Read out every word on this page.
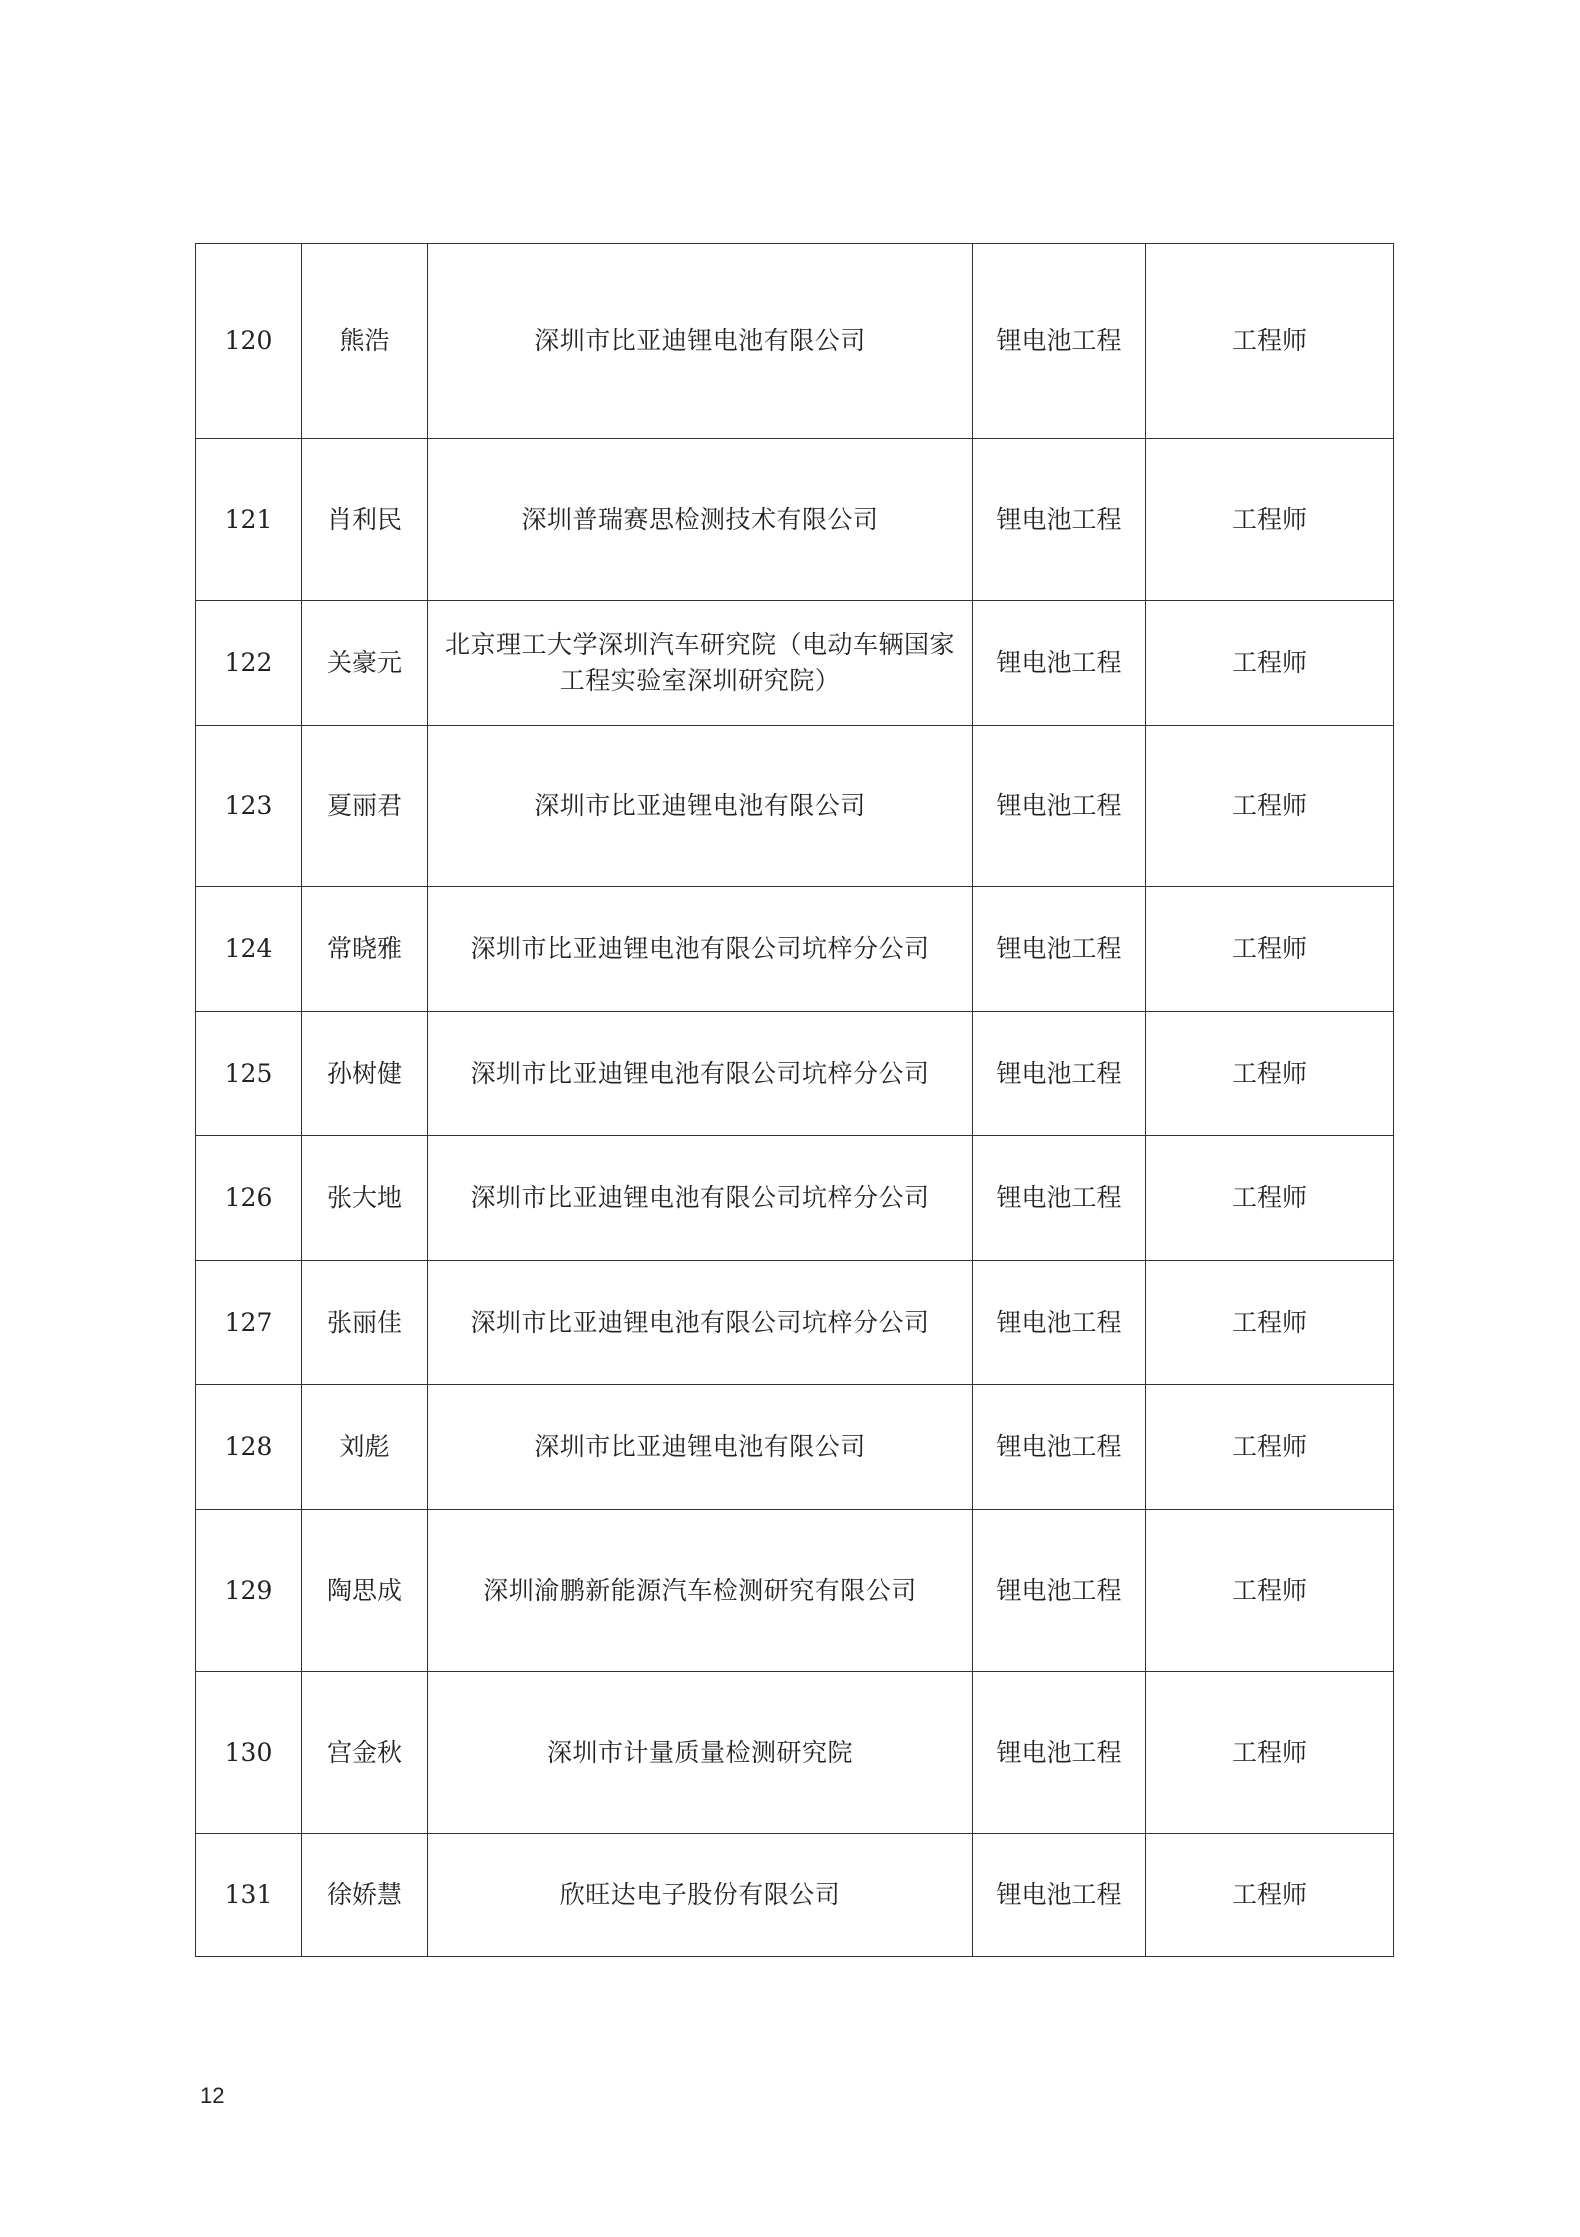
120	熊浩	深圳市比亚迪锂电池有限公司	锂电池工程	工程师
121	肖利民	深圳普瑞赛思检测技术有限公司	锂电池工程	工程师
122	关豪元	北京理工大学深圳汽车研究院（电动车辆国家工程实验室深圳研究院）	锂电池工程	工程师
123	夏丽君	深圳市比亚迪锂电池有限公司	锂电池工程	工程师
124	常晓雅	深圳市比亚迪锂电池有限公司坑梓分公司	锂电池工程	工程师
125	孙树健	深圳市比亚迪锂电池有限公司坑梓分公司	锂电池工程	工程师
126	张大地	深圳市比亚迪锂电池有限公司坑梓分公司	锂电池工程	工程师
127	张丽佳	深圳市比亚迪锂电池有限公司坑梓分公司	锂电池工程	工程师
128	刘彪	深圳市比亚迪锂电池有限公司	锂电池工程	工程师
129	陶思成	深圳渝鹏新能源汽车检测研究有限公司	锂电池工程	工程师
130	宫金秋	深圳市计量质量检测研究院	锂电池工程	工程师
131	徐娇慧	欣旺达电子股份有限公司	锂电池工程	工程师
12
